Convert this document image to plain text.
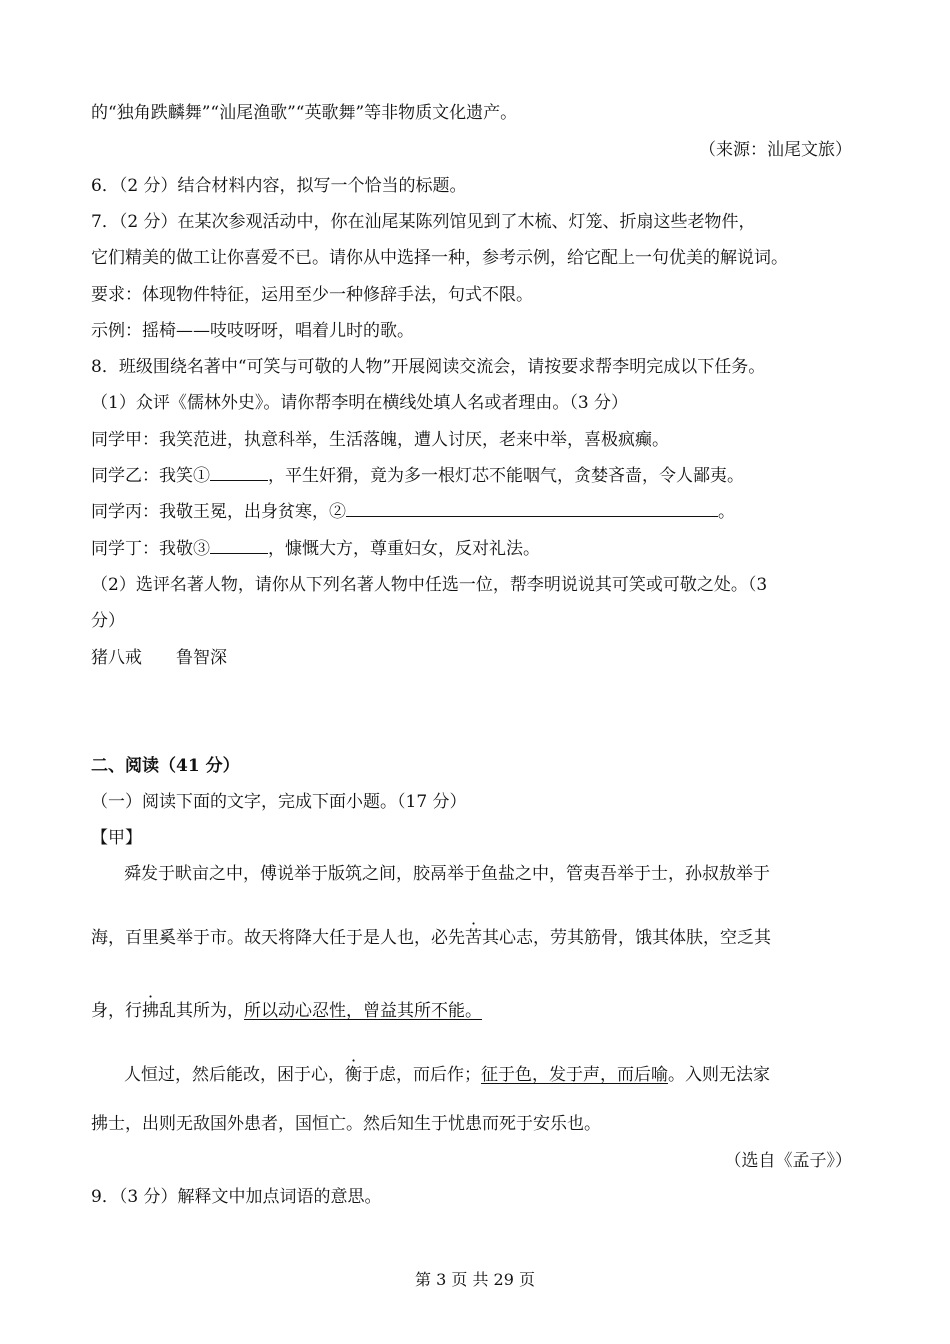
的“独角跌麟舞”“汕尾渔歌”“英歌舞”等非物质文化遗产。
（来源：汕尾文旅）
6．（2 分）结合材料内容，拟写一个恰当的标题。
7．（2 分）在某次参观活动中，你在汕尾某陈列馆见到了木梳、灯笼、折扇这些老物件，
它们精美的做工让你喜爱不已。请你从中选择一种，参考示例，给它配上一句优美的解说词。
要求：体现物件特征，运用至少一种修辞手法，句式不限。
示例：摇椅——吱吱呀呀，唱着儿时的歌。
8．班级围绕名著中“可笑与可敬的人物”开展阅读交流会，请按要求帮李明完成以下任务。
（1）众评《儒林外史》。请你帮李明在横线处填人名或者理由。（3 分）
同学甲：我笑范进，执意科举，生活落魄，遭人讨厌，老来中举，喜极疯癫。
同学乙：我笑①	，平生奸猾，竟为多一根灯芯不能咽气，贪婪吝啬，令人鄙夷。
同学丙：我敬王冕，出身贫寒，②	。
同学丁：我敬③	，慷慨大方，尊重妇女，反对礼法。
（2）选评名著人物，请你从下列名著人物中任选一位，帮李明说说其可笑或可敬之处。（3
分）
猪八戒　　鲁智深
二、阅读（41 分）
（一）阅读下面的文字，完成下面小题。（17 分）
【甲】
舜发于畎亩之中，傅说举于版筑之间，胶鬲举于鱼盐之中，管夷吾举于士，孙叔敖举于
海，百里奚举于市。故天将降大任于是人也，必先苦其心志，劳其筋骨，饿其体肤，空乏其
身，行拂乱其所为，所以动心忍性，曾益其所不能。
人恒过，然后能改，困于心，衡于虑，而后作；征于色，发于声，而后喻。入则无法家
拂士，出则无敌国外患者，国恒亡。然后知生于忧患而死于安乐也。
（选自《孟子》）
9．（3 分）解释文中加点词语的意思。
第 3 页 共 29 页
